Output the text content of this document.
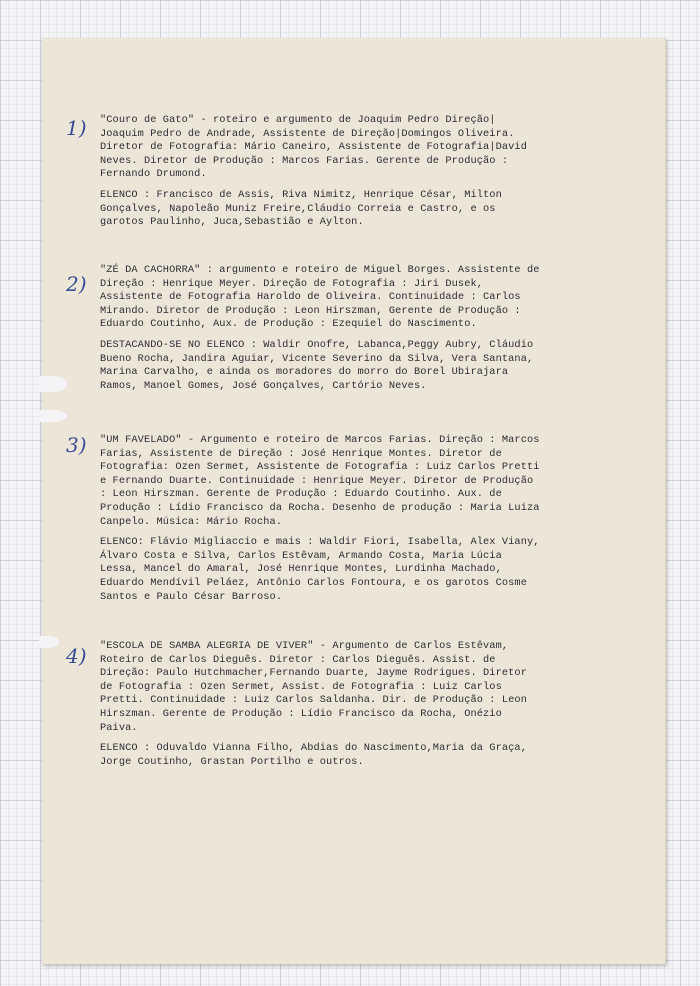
1) "Couro de Gato" - roteiro e argumento de Joaquim Pedro Direção| Joaquim Pedro de Andrade, Assistente de Direção|Domingos Oliveira. Diretor de Fotografia: Mário Caneiro, Assistente de Fotografia|David Neves. Diretor de Produção : Marcos Farias. Gerente de Produção : Fernando Drumond.

ELENCO : Francisco de Assis, Riva Nimitz, Henrique César, Milton Gonçalves, Napoleão Muniz Freire,Cláudio Correia e Castro, e os garotos Paulinho, Juca,Sebastião e Aylton.

2)

"ZÉ DA CACHORRA" : argumento e roteiro de Miguel Borges. Assistente de Direção : Henrique Meyer. Direção de Fotografia : Jiri Dusek, Assistente de Fotografia Haroldo de Oliveira. Continuidade : Carlos Mirando. Diretor de Produção : Leon Hirszman, Gerente de Produção : Eduardo Coutinho, Aux. de Produção : Ezequiel do Nascimento.

DESTACANDO-SE NO ELENCO : Waldir Onofre, Labanca,Peggy Aubry, Cláudio Bueno Rocha, Jandira Aguiar, Vicente Severino da Silva, Vera Santana, Marina Carvalho, e ainda os moradores do morro do Borel Ubirajara Ramos, Manoel Gomes, José Gonçalves, Cartório Neves.

3) "UM FAVELADO" - Argumento e roteiro de Marcos Farias. Direção : Marcos Farias, Assistente de Direção : José Henrique Montes. Diretor de Fotografia: Ozen Sermet, Assistente de Fotografia : Luiz Carlos Pretti e Fernando Duarte. Continuidade : Henrique Meyer. Diretor de Produção : Leon Hirszman. Gerente de Produção : Eduardo Coutinho. Aux. de Produção : Lídio Francisco da Rocha. Desenho de produção : Maria Luiza Canpelo. Música: Mário Rocha.

ELENCO: Flávio Migliaccio e mais : Waldir Fiori, Isabella, Alex Viany, Álvaro Costa e Silva, Carlos Estêvam, Armando Costa, Maria Lúcia Lessa, Mancel do Amaral, José Henrique Montes, Lurdinha Machado, Eduardo Mendívil Peláez, Antônio Carlos Fontoura, e os garotos Cosme Santos e Paulo César Barroso.

4) "ESCOLA DE SAMBA ALEGRIA DE VIVER" - Argumento de Carlos Estêvam, Roteiro de Carlos Dieguês. Diretor : Carlos Dieguês. Assist. de Direção: Paulo Hutchmacher,Fernando Duarte, Jayme Rodrigues. Diretor de Fotografia : Ozen Sermet, Assist. de Fotografia : Luiz Carlos Pretti. Continuidade : Luiz Carlos Saldanha. Dir. de Produção : Leon Hirszman. Gerente de Produção : Lídio Francisco da Rocha, Onézio Paiva.

ELENCO : Oduvaldo Vianna Filho, Abdias do Nascimento,Maria da Graça, Jorge Coutinho, Grastan Portilho e outros.
